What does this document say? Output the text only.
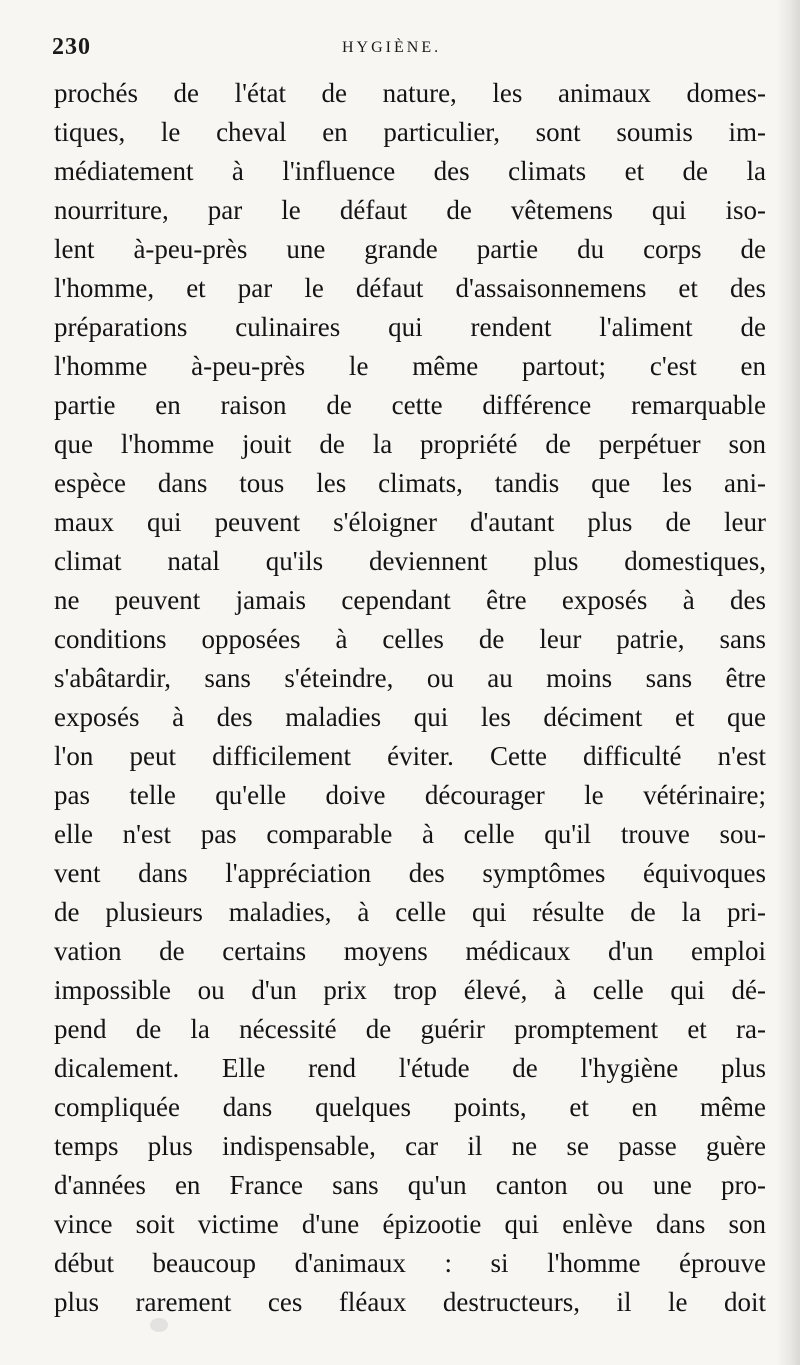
230	HYGIÈNE.
prochés de l'état de nature, les animaux domes-
tiques, le cheval en particulier, sont soumis im-
médiatement à l'influence des climats et de la
nourriture, par le défaut de vêtemens qui iso-
lent à-peu-près une grande partie du corps de
l'homme, et par le défaut d'assaisonnemens et des
préparations culinaires qui rendent l'aliment de
l'homme à-peu-près le même partout; c'est en
partie en raison de cette différence remarquable
que l'homme jouit de la propriété de perpétuer son
espèce dans tous les climats, tandis que les ani-
maux qui peuvent s'éloigner d'autant plus de leur
climat natal qu'ils deviennent plus domestiques,
ne peuvent jamais cependant être exposés à des
conditions opposées à celles de leur patrie, sans
s'abâtardir, sans s'éteindre, ou au moins sans être
exposés à des maladies qui les déciment et que
l'on peut difficilement éviter. Cette difficulté n'est
pas telle qu'elle doive décourager le vétérinaire;
elle n'est pas comparable à celle qu'il trouve sou-
vent dans l'appréciation des symptômes équivoques
de plusieurs maladies, à celle qui résulte de la pri-
vation de certains moyens médicaux d'un emploi
impossible ou d'un prix trop élevé, à celle qui dé-
pend de la nécessité de guérir promptement et ra-
dicalement. Elle rend l'étude de l'hygiène plus
compliquée dans quelques points, et en même
temps plus indispensable, car il ne se passe guère
d'années en France sans qu'un canton ou une pro-
vince soit victime d'une épizootie qui enlève dans son
début beaucoup d'animaux : si l'homme éprouve
plus rarement ces fléaux destructeurs, il le doit
